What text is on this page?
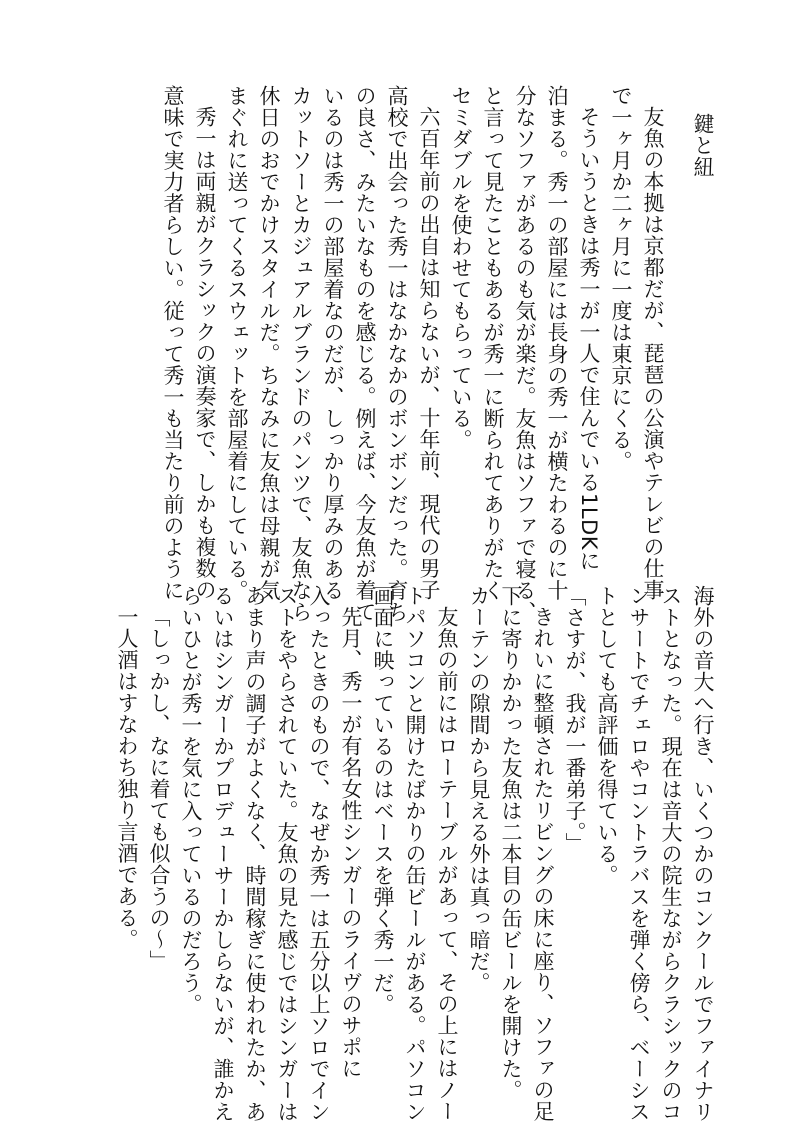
鍵と紐

友魚の本拠は京都だが、琵琶の公演やテレビの仕事

で一ヶ月か二ヶ月に一度は東京にくる。

そういうときは秀一が一人で住んでいる1LDKに

泊まる。秀一の部屋には長身の秀一が横たわるのに十

分なソファがあるのも気が楽だ。友魚はソファで寝る、

と言って見たこともあるが秀一に断られてありがたく

セミダブルを使わせてもらっている。

六百年前の出自は知らないが、十年前、現代の男子

高校で出会った秀一はなかなかのボンボンだった。育ち

の良さ、みたいなものを感じる。例えば、今友魚が着て

いるのは秀一の部屋着なのだが、しっかり厚みのある

カットソーとカジュアルブランドのパンツで、友魚なら

休日のおでかけスタイルだ。ちなみに友魚は母親が気

まぐれに送ってくるスウェットを部屋着にしている。

秀一は両親がクラシックの演奏家で、しかも複数の

意味で実力者らしい。従って秀一も当たり前のように

海外の音大へ行き、いくつかのコンクールでファイナリ

ストとなった。現在は音大の院生ながらクラシックのコ

ンサートでチェロやコントラバスを弾く傍ら、ベーシス

トとしても高評価を得ている。

「さすが、我が一番弟子。」

きれいに整頓されたリビングの床に座り、ソファの足

下に寄りかかった友魚は二本目の缶ビールを開けた。

カーテンの隙間から見える外は真っ暗だ。

友魚の前にはローテーブルがあって、その上にはノー

トパソコンと開けたばかりの缶ビールがある。パソコン

画面に映っているのはベースを弾く秀一だ。

先月、秀一が有名女性シンガーのライヴのサポに

入ったときのもので、なぜか秀一は五分以上ソロでイン

ストをやらされていた。友魚の見た感じではシンガーは

あまり声の調子がよくなく、時間稼ぎに使われたか、あ

るいはシンガーかプロデューサーかしらないが、誰かえ

らいひとが秀一を気に入っているのだろう。

「しっかし、なに着ても似合うの～」

一人酒はすなわち独り言酒である。
